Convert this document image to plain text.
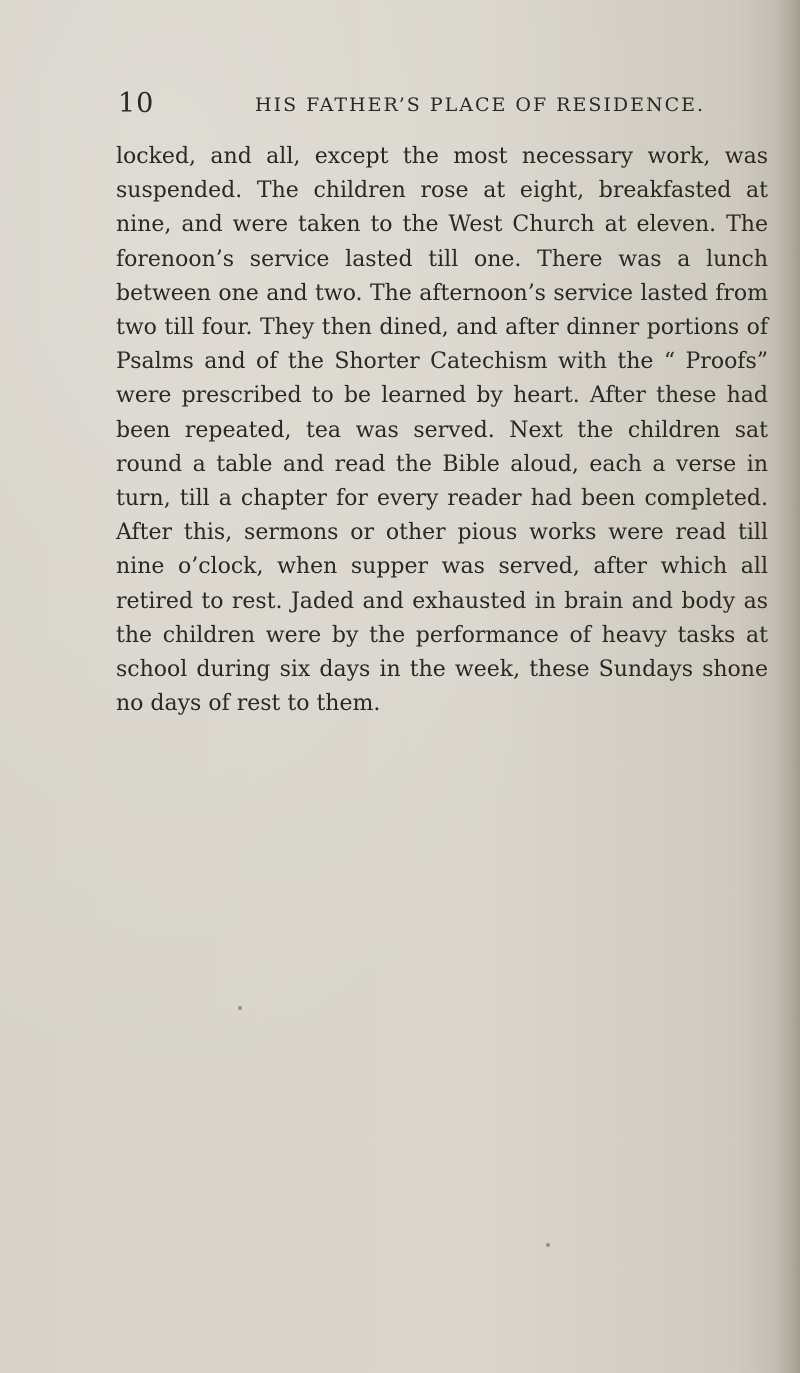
10	HIS FATHER’S PLACE OF RESIDENCE.

locked, and all, except the most necessary work, was suspended. The children rose at eight, breakfasted at nine, and were taken to the West Church at eleven. The forenoon’s service lasted till one. There was a lunch between one and two. The afternoon’s service lasted from two till four. They then dined, and after dinner portions of Psalms and of the Shorter Catechism with the “ Proofs” were prescribed to be learned by heart. After these had been repeated, tea was served. Next the children sat round a table and read the Bible aloud, each a verse in turn, till a chapter for every reader had been completed. After this, sermons or other pious works were read till nine o’clock, when supper was served, after which all retired to rest. Jaded and exhausted in brain and body as the children were by the performance of heavy tasks at school during six days in the week, these Sundays shone no days of rest to them.
